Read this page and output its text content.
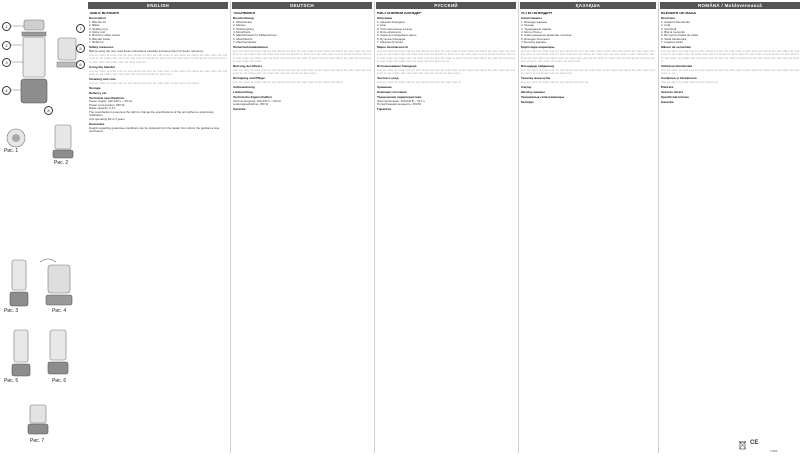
1
2
3
4
5
6
7
8
Рис. 1
Рис. 2
Рис. 3	Рис. 4
Рис. 5	Рис. 6
Рис. 7
ENGLISH	DEUTSCH	РУССКИЙ	ҚАЗАҚША	ROMÂNĂ / Moldovenească
TABLE BLENDER
Description
1. Blender lid
2. Blade
3. Sealing ring
4. Motor unit
5. Bowl for coffee beans
6. Blender bottle
7. Bottle lid
Safety measures

Before using the unit, read these instructions carefully and keep them for future reference.

▪▪▪▪ ▪▪▪ ▪▪▪▪▪ ▪▪ ▪▪▪▪▪ ▪▪▪▪ ▪▪▪ ▪▪▪▪ ▪▪▪▪▪▪ ▪▪▪ ▪▪▪▪ ▪▪▪ ▪▪▪▪ ▪▪▪▪▪ ▪▪ ▪▪▪▪ ▪▪▪▪▪ ▪▪▪ ▪▪▪▪▪▪ ▪▪▪ ▪▪▪▪ ▪▪▪▪▪ ▪▪▪ ▪▪▪▪ ▪▪▪▪▪ ▪▪ ▪▪▪ ▪▪▪▪▪▪ ▪▪▪▪ ▪▪▪ ▪▪▪▪▪ ▪▪▪▪ ▪▪▪▪ ▪▪▪ ▪▪▪▪▪▪ ▪▪▪ ▪▪▪▪▪ ▪▪▪▪ ▪▪▪ ▪▪▪▪ ▪▪▪▪▪ ▪▪ ▪▪▪▪ ▪▪▪▪▪▪ ▪▪▪ ▪▪▪▪ ▪▪▪▪▪ ▪▪▪ ▪▪▪▪ ▪▪▪▪▪ ▪▪▪ ▪▪▪▪▪▪ ▪▪▪▪ ▪▪▪ ▪▪▪▪▪ ▪▪▪▪ ▪▪▪
Using the blender
▪▪▪▪ ▪▪▪ ▪▪▪▪▪ ▪▪ ▪▪▪▪▪ ▪▪▪▪ ▪▪▪ ▪▪▪▪ ▪▪▪▪▪▪ ▪▪▪ ▪▪▪▪ ▪▪▪ ▪▪▪▪ ▪▪▪▪▪ ▪▪ ▪▪▪▪ ▪▪▪▪▪ ▪▪▪ ▪▪▪▪▪▪ ▪▪▪ ▪▪▪▪ ▪▪▪▪▪ ▪▪▪ ▪▪▪▪ ▪▪▪▪▪ ▪▪ ▪▪▪ ▪▪▪▪▪▪ ▪▪▪▪ ▪▪▪ ▪▪▪▪▪ ▪▪▪▪ ▪▪▪▪ ▪▪▪ ▪▪▪▪▪▪ ▪▪▪ ▪▪▪▪▪ ▪▪▪▪
Cleaning and care
▪▪▪▪ ▪▪▪ ▪▪▪▪▪ ▪▪ ▪▪▪▪▪ ▪▪▪▪ ▪▪▪ ▪▪▪▪ ▪▪▪▪▪▪ ▪▪▪ ▪▪▪▪ ▪▪▪ ▪▪▪▪ ▪▪▪▪▪ ▪▪ ▪▪▪▪ ▪▪▪▪▪ ▪▪▪ ▪▪▪▪▪▪
Storage
Delivery set
Technical specifications
Power supply: 220-240 V ~ 50 Hz
Power consumption: 250 W
Bottle capacity: 0,6 L

The manufacturer preserves the right to change the specifications of the unit without a preliminary notification.

Unit operating life is 3 years

Guarantee

Details regarding guarantee conditions can be obtained from the dealer from whom the appliance was purchased.

TISCHMIXER
Beschreibung
1. Mixerdeckel
2. Messer
3. Dichtungsring
4. Motorblock
5. Mahlschüssel für Kaffeebohnen
6. Mixerflasche
7. Flaschendeckel
Sicherheitsmaßnahmen
▪▪▪▪ ▪▪▪ ▪▪▪▪▪ ▪▪ ▪▪▪▪▪ ▪▪▪▪ ▪▪▪ ▪▪▪▪ ▪▪▪▪▪▪ ▪▪▪ ▪▪▪▪ ▪▪▪ ▪▪▪▪ ▪▪▪▪▪ ▪▪ ▪▪▪▪ ▪▪▪▪▪ ▪▪▪ ▪▪▪▪▪▪ ▪▪▪ ▪▪▪▪ ▪▪▪▪▪ ▪▪▪ ▪▪▪▪ ▪▪▪▪▪ ▪▪ ▪▪▪ ▪▪▪▪▪▪ ▪▪▪▪ ▪▪▪ ▪▪▪▪▪ ▪▪▪▪ ▪▪▪▪ ▪▪▪ ▪▪▪▪▪▪ ▪▪▪ ▪▪▪▪▪ ▪▪▪▪ ▪▪▪ ▪▪▪▪ ▪▪▪▪▪ ▪▪ ▪▪▪▪ ▪▪▪▪▪▪ ▪▪▪ ▪▪▪▪ ▪▪▪▪▪ ▪▪▪ ▪▪▪▪ ▪▪▪▪▪ ▪▪▪ ▪▪▪▪▪▪ ▪▪▪▪ ▪▪▪ ▪▪▪▪▪ ▪▪▪▪ ▪▪▪ ▪▪▪▪ ▪▪▪ ▪▪▪▪▪ ▪▪ ▪▪▪▪▪ ▪▪▪▪ ▪▪▪ ▪▪▪▪ ▪▪▪▪▪▪ ▪▪▪ ▪▪▪▪ ▪▪▪ ▪▪▪▪ ▪▪▪▪▪ ▪▪ ▪▪▪▪ ▪▪▪▪▪ ▪▪▪ ▪▪▪▪▪▪
Nutzung des Mixers
▪▪▪▪ ▪▪▪ ▪▪▪▪▪ ▪▪ ▪▪▪▪▪ ▪▪▪▪ ▪▪▪ ▪▪▪▪ ▪▪▪▪▪▪ ▪▪▪ ▪▪▪▪ ▪▪▪ ▪▪▪▪ ▪▪▪▪▪ ▪▪ ▪▪▪▪ ▪▪▪▪▪ ▪▪▪ ▪▪▪▪▪▪ ▪▪▪ ▪▪▪▪ ▪▪▪▪▪ ▪▪▪ ▪▪▪▪ ▪▪▪▪▪ ▪▪ ▪▪▪ ▪▪▪▪▪▪ ▪▪▪▪ ▪▪▪ ▪▪▪▪▪ ▪▪▪▪ ▪▪▪▪ ▪▪▪ ▪▪▪▪▪▪ ▪▪▪ ▪▪▪▪▪ ▪▪▪▪
Reinigung und Pflege
▪▪▪▪ ▪▪▪ ▪▪▪▪▪ ▪▪ ▪▪▪▪▪ ▪▪▪▪ ▪▪▪ ▪▪▪▪ ▪▪▪▪▪▪ ▪▪▪ ▪▪▪▪ ▪▪▪ ▪▪▪▪ ▪▪▪▪▪ ▪▪ ▪▪▪▪ ▪▪▪▪▪ ▪▪▪ ▪▪▪▪▪▪
Aufbewahrung
Lieferumfang
Technische Eigenschaften
Stromversorgung: 220-240 V ~ 50 Hz
Leistungsaufnahme: 250 W
Garantie
НАСТОЛЬНЫЙ БЛЕНДЕР
Описание
1. Крышка блендера
2. Нож
3. Уплотнительное кольцо
4. Блок двигателя
5. Чаша для кофейных зерен
6. Бутылка блендера
7. Крышка бутылки
Меры безопасности
▪▪▪▪ ▪▪▪ ▪▪▪▪▪ ▪▪ ▪▪▪▪▪ ▪▪▪▪ ▪▪▪ ▪▪▪▪ ▪▪▪▪▪▪ ▪▪▪ ▪▪▪▪ ▪▪▪ ▪▪▪▪ ▪▪▪▪▪ ▪▪ ▪▪▪▪ ▪▪▪▪▪ ▪▪▪ ▪▪▪▪▪▪ ▪▪▪ ▪▪▪▪ ▪▪▪▪▪ ▪▪▪ ▪▪▪▪ ▪▪▪▪▪ ▪▪ ▪▪▪ ▪▪▪▪▪▪ ▪▪▪▪ ▪▪▪ ▪▪▪▪▪ ▪▪▪▪ ▪▪▪▪ ▪▪▪ ▪▪▪▪▪▪ ▪▪▪ ▪▪▪▪▪ ▪▪▪▪ ▪▪▪ ▪▪▪▪ ▪▪▪▪▪ ▪▪ ▪▪▪▪ ▪▪▪▪▪▪ ▪▪▪ ▪▪▪▪ ▪▪▪▪▪ ▪▪▪ ▪▪▪▪ ▪▪▪▪▪ ▪▪▪ ▪▪▪▪▪▪ ▪▪▪▪ ▪▪▪ ▪▪▪▪▪ ▪▪▪▪ ▪▪▪ ▪▪▪▪ ▪▪▪ ▪▪▪▪▪ ▪▪ ▪▪▪▪▪ ▪▪▪▪ ▪▪▪ ▪▪▪▪ ▪▪▪▪▪▪ ▪▪▪ ▪▪▪▪ ▪▪▪ ▪▪▪▪ ▪▪▪▪▪ ▪▪ ▪▪▪▪ ▪▪▪▪▪ ▪▪▪ ▪▪▪▪▪▪ ▪▪▪ ▪▪▪▪ ▪▪▪▪▪ ▪▪▪ ▪▪▪▪ ▪▪▪▪▪ ▪▪ ▪▪▪
Использование блендера
▪▪▪▪ ▪▪▪ ▪▪▪▪▪ ▪▪ ▪▪▪▪▪ ▪▪▪▪ ▪▪▪ ▪▪▪▪ ▪▪▪▪▪▪ ▪▪▪ ▪▪▪▪ ▪▪▪ ▪▪▪▪ ▪▪▪▪▪ ▪▪ ▪▪▪▪ ▪▪▪▪▪ ▪▪▪ ▪▪▪▪▪▪ ▪▪▪ ▪▪▪▪ ▪▪▪▪▪ ▪▪▪ ▪▪▪▪ ▪▪▪▪▪ ▪▪ ▪▪▪ ▪▪▪▪▪▪ ▪▪▪▪ ▪▪▪ ▪▪▪▪▪ ▪▪▪▪ ▪▪▪▪ ▪▪▪ ▪▪▪▪▪▪ ▪▪▪ ▪▪▪▪▪ ▪▪▪▪
Чистка и уход
▪▪▪▪ ▪▪▪ ▪▪▪▪▪ ▪▪ ▪▪▪▪▪ ▪▪▪▪ ▪▪▪ ▪▪▪▪ ▪▪▪▪▪▪ ▪▪▪ ▪▪▪▪ ▪▪▪ ▪▪▪▪ ▪▪▪▪▪ ▪▪
Хранение
Комплект поставки
Технические характеристики
Электропитание: 220-240 В ~ 50 Гц
Потребляемая мощность: 250 Вт
Гарантия
ҮСТЕЛ БЛЕНДЕРІ
Сипаттамасы
1. Блендер қақпағы
2. Пышақ
3. Тығыздағыш сақина
4. Мотор блогы
5. Кофе дәндеріне арналған тостаған
6. Блендер бөтелкесі
7. Бөтелке қақпағы
Қауіпсіздік шаралары
▪▪▪▪ ▪▪▪ ▪▪▪▪▪ ▪▪ ▪▪▪▪▪ ▪▪▪▪ ▪▪▪ ▪▪▪▪ ▪▪▪▪▪▪ ▪▪▪ ▪▪▪▪ ▪▪▪ ▪▪▪▪ ▪▪▪▪▪ ▪▪ ▪▪▪▪ ▪▪▪▪▪ ▪▪▪ ▪▪▪▪▪▪ ▪▪▪ ▪▪▪▪ ▪▪▪▪▪ ▪▪▪ ▪▪▪▪ ▪▪▪▪▪ ▪▪ ▪▪▪ ▪▪▪▪▪▪ ▪▪▪▪ ▪▪▪ ▪▪▪▪▪ ▪▪▪▪ ▪▪▪▪ ▪▪▪ ▪▪▪▪▪▪ ▪▪▪ ▪▪▪▪▪ ▪▪▪▪ ▪▪▪ ▪▪▪▪ ▪▪▪▪▪ ▪▪ ▪▪▪▪ ▪▪▪▪▪▪ ▪▪▪ ▪▪▪▪ ▪▪▪▪▪ ▪▪▪ ▪▪▪▪ ▪▪▪▪▪ ▪▪▪ ▪▪▪▪▪▪ ▪▪▪▪ ▪▪▪ ▪▪▪▪▪ ▪▪▪▪ ▪▪▪ ▪▪▪▪ ▪▪▪ ▪▪▪▪▪ ▪▪ ▪▪▪▪▪ ▪▪▪▪ ▪▪▪ ▪▪▪▪ ▪▪▪▪▪▪ ▪▪▪ ▪▪▪▪ ▪▪▪ ▪▪▪▪ ▪▪▪▪▪ ▪▪ ▪▪▪▪ ▪▪▪▪▪ ▪▪▪ ▪▪▪▪▪▪ ▪▪▪ ▪▪▪▪ ▪▪▪▪▪
Блендерді пайдалану
▪▪▪▪ ▪▪▪ ▪▪▪▪▪ ▪▪ ▪▪▪▪▪ ▪▪▪▪ ▪▪▪ ▪▪▪▪ ▪▪▪▪▪▪ ▪▪▪ ▪▪▪▪ ▪▪▪ ▪▪▪▪ ▪▪▪▪▪ ▪▪ ▪▪▪▪ ▪▪▪▪▪ ▪▪▪ ▪▪▪▪▪▪ ▪▪▪ ▪▪▪▪ ▪▪▪▪▪ ▪▪▪ ▪▪▪▪ ▪▪▪▪▪ ▪▪ ▪▪▪ ▪▪▪▪▪▪ ▪▪▪▪ ▪▪▪ ▪▪▪▪▪ ▪▪▪▪
Тазалау және күтім
▪▪▪▪ ▪▪▪ ▪▪▪▪▪ ▪▪ ▪▪▪▪▪ ▪▪▪▪ ▪▪▪ ▪▪▪▪ ▪▪▪▪▪▪ ▪▪▪ ▪▪▪▪ ▪▪▪
Сақтау
Жеткізу жинағы
Техникалық сипаттамалары
Кепілдік
BLENDER DE MASĂ
Descriere
1. Capacul blenderului
2. Cuțit
3. Garnitură
4. Blocul motorului
5. Bol pentru boabe de cafea
6. Sticla blenderului
7. Capacul sticlei
Măsuri de securitate
▪▪▪▪ ▪▪▪ ▪▪▪▪▪ ▪▪ ▪▪▪▪▪ ▪▪▪▪ ▪▪▪ ▪▪▪▪ ▪▪▪▪▪▪ ▪▪▪ ▪▪▪▪ ▪▪▪ ▪▪▪▪ ▪▪▪▪▪ ▪▪ ▪▪▪▪ ▪▪▪▪▪ ▪▪▪ ▪▪▪▪▪▪ ▪▪▪ ▪▪▪▪ ▪▪▪▪▪ ▪▪▪ ▪▪▪▪ ▪▪▪▪▪ ▪▪ ▪▪▪ ▪▪▪▪▪▪ ▪▪▪▪ ▪▪▪ ▪▪▪▪▪ ▪▪▪▪ ▪▪▪▪ ▪▪▪ ▪▪▪▪▪▪ ▪▪▪ ▪▪▪▪▪ ▪▪▪▪ ▪▪▪ ▪▪▪▪ ▪▪▪▪▪ ▪▪ ▪▪▪▪ ▪▪▪▪▪▪ ▪▪▪ ▪▪▪▪ ▪▪▪▪▪ ▪▪▪ ▪▪▪▪ ▪▪▪▪▪ ▪▪▪ ▪▪▪▪▪▪ ▪▪▪▪ ▪▪▪ ▪▪▪▪▪ ▪▪▪▪ ▪▪▪ ▪▪▪▪ ▪▪▪ ▪▪▪▪▪ ▪▪ ▪▪▪▪▪ ▪▪▪▪ ▪▪▪ ▪▪▪▪ ▪▪▪▪▪▪ ▪▪▪ ▪▪▪▪ ▪▪▪ ▪▪▪▪ ▪▪▪▪▪ ▪▪
Utilizarea blenderului
▪▪▪▪ ▪▪▪ ▪▪▪▪▪ ▪▪ ▪▪▪▪▪ ▪▪▪▪ ▪▪▪ ▪▪▪▪ ▪▪▪▪▪▪ ▪▪▪ ▪▪▪▪ ▪▪▪ ▪▪▪▪ ▪▪▪▪▪ ▪▪ ▪▪▪▪ ▪▪▪▪▪ ▪▪▪ ▪▪▪▪▪▪ ▪▪▪ ▪▪▪▪ ▪▪▪▪▪ ▪▪▪ ▪▪▪▪ ▪▪▪▪▪ ▪▪ ▪▪▪
Curățarea și întreținerea
▪▪▪▪ ▪▪▪ ▪▪▪▪▪ ▪▪ ▪▪▪▪▪ ▪▪▪▪ ▪▪▪ ▪▪▪▪ ▪▪▪▪▪▪ ▪▪▪
Păstrare
Setul de livrare
Specificații tehnice
Garanție
CE
VITEK
